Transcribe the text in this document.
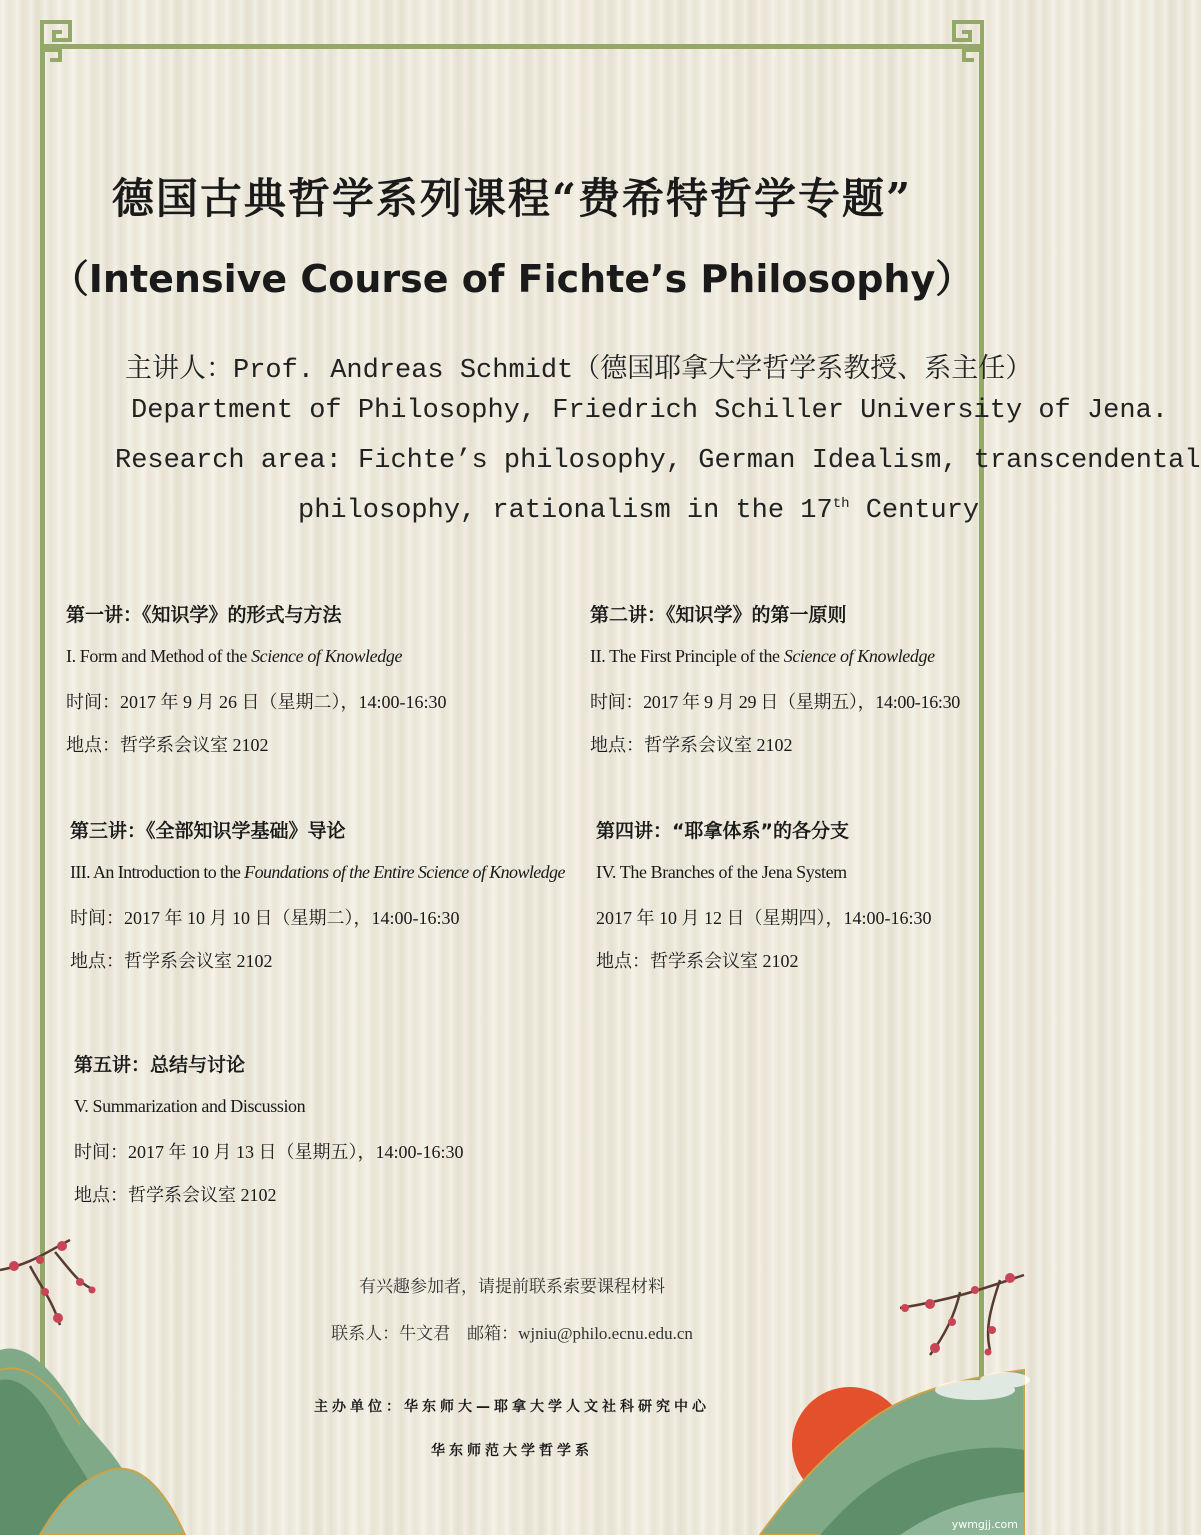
德国古典哲学系列课程“费希特哲学专题”
（Intensive Course of Fichte’s Philosophy）
主讲人：Prof. Andreas Schmidt（德国耶拿大学哲学系教授、系主任）
Department of Philosophy, Friedrich Schiller University of Jena.
Research area: Fichte’s philosophy, German Idealism, transcendental
philosophy, rationalism in the 17th Century
第一讲：《知识学》的形式与方法
I. Form and Method of the Science of Knowledge
时间：2017 年 9 月 26 日（星期二），14:00-16:30
地点：哲学系会议室 2102
第二讲：《知识学》的第一原则
II. The First Principle of the Science of Knowledge
时间：2017 年 9 月 29 日（星期五），14:00-16:30
地点：哲学系会议室 2102
第三讲：《全部知识学基础》导论
III. An Introduction to the Foundations of the Entire Science of Knowledge
时间：2017 年 10 月 10 日（星期二），14:00-16:30
地点：哲学系会议室 2102
第四讲：“耶拿体系”的各分支
IV. The Branches of the Jena System
2017 年 10 月 12 日（星期四），14:00-16:30
地点：哲学系会议室 2102
第五讲：总结与讨论
V. Summarization and Discussion
时间：2017 年 10 月 13 日（星期五），14:00-16:30
地点：哲学系会议室 2102
有兴趣参加者，请提前联系索要课程材料
联系人：牛文君　邮箱：wjniu@philo.ecnu.edu.cn
主办单位：华东师大—耶拿大学人文社科研究中心
华东师范大学哲学系
ywmgjj.com
